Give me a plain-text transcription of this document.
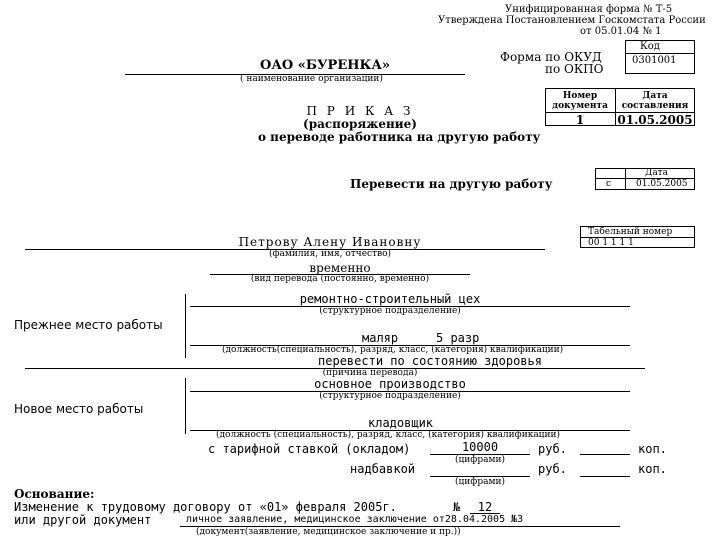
Унифицированная форма № Т-5
Утверждена Постановлением Госкомстата России
от 05.01.04 № 1
ОАО «БУРЕНКА»
( наименование организации)
Форма по ОКУД
по ОКПО
Код
0301001
Номер документа
Дата составления
1	01.05.2005
П Р И К А З
(распоряжение)
о переводе работника на другую работу
Перевести на другую работу
Дата
с	01.05.2005
Табельный номер
00 1 1 1 1
Петрову Алену Ивановну
(фамилия, имя, отчество)
временно
(вид перевода (постоянно, временно)
Прежнее место работы
ремонтно-строительный цех
(структурное подразделение)
маляр	5 разр
(должность(специальность), разряд, класс, (категория) квалификации)
перевести по состоянию здоровья
(причина перевода)
Новое место работы
основное производство
(структурное подразделение)
кладовщик
(должность (специальность), разряд, класс, (категория) квалификации)
с тарифной ставкой (окладом)	10000	руб.	коп.
(цифрами)
надбавкой	руб.	коп.
(цифрами)
Основание:
Изменение к трудовому договору от «01» февраля 2005г.	№	12
или другой документ	личное заявление, медицинское заключение от28.04.2005 №3
(документ(заявление, медицинское заключение и пр.))
